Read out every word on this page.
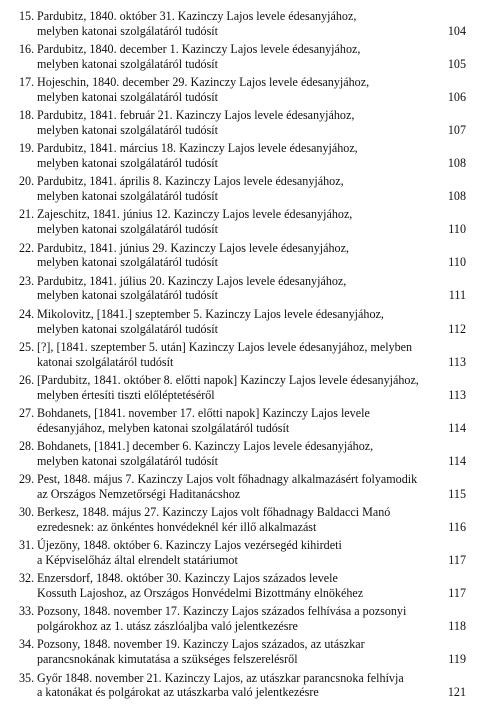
15. Pardubitz, 1840. október 31. Kazinczy Lajos levele édesanyjához,
melyben katonai szolgálatáról tudósít	104
16. Pardubitz, 1840. december 1. Kazinczy Lajos levele édesanyjához,
melyben katonai szolgálatáról tudósít	105
17. Hojeschin, 1840. december 29. Kazinczy Lajos levele édesanyjához,
melyben katonai szolgálatáról tudósít	106
18. Pardubitz, 1841. február 21. Kazinczy Lajos levele édesanyjához,
melyben katonai szolgálatáról tudósít	107
19. Pardubitz, 1841. március 18. Kazinczy Lajos levele édesanyjához,
melyben katonai szolgálatáról tudósít	108
20. Pardubitz, 1841. április 8. Kazinczy Lajos levele édesanyjához,
melyben katonai szolgálatáról tudósít	108
21. Zajeschitz, 1841. június 12. Kazinczy Lajos levele édesanyjához,
melyben katonai szolgálatáról tudósít	110
22. Pardubitz, 1841. június 29. Kazinczy Lajos levele édesanyjához,
melyben katonai szolgálatáról tudósít	110
23. Pardubitz, 1841. július 20. Kazinczy Lajos levele édesanyjához,
melyben katonai szolgálatáról tudósít	111
24. Mikolovitz, [1841.] szeptember 5. Kazinczy Lajos levele édesanyjához,
melyben katonai szolgálatáról tudósít	112
25. [?], [1841. szeptember 5. után] Kazinczy Lajos levele édesanyjához, melyben
katonai szolgálatáról tudósít	113
26. [Pardubitz, 1841. október 8. előtti napok] Kazinczy Lajos levele édesanyjához,
melyben értesíti tiszti előléptetéséről	113
27. Bohdanets, [1841. november 17. előtti napok] Kazinczy Lajos levele
édesanyjához, melyben katonai szolgálatáról tudósít	114
28. Bohdanets, [1841.] december 6. Kazinczy Lajos levele édesanyjához,
melyben katonai szolgálatáról tudósít	114
29. Pest, 1848. május 7. Kazinczy Lajos volt főhadnagy alkalmazásért folyamodik
az Országos Nemzetőrségi Haditanácshoz	115
30. Berkesz, 1848. május 27. Kazinczy Lajos volt főhadnagy Baldacci Manó
ezredesnek: az önkéntes honvédeknél kér illő alkalmazást	116
31. Újezöny, 1848. október 6. Kazinczy Lajos vezérsegéd kihirdeti
a Képviselőház által elrendelt statáriumot	117
32. Enzersdorf, 1848. október 30. Kazinczy Lajos százados levele
Kossuth Lajoshoz, az Országos Honvédelmi Bizottmány elnökéhez	117
33. Pozsony, 1848. november 17. Kazinczy Lajos százados felhívása a pozsonyi
polgárokhoz az 1. utász zászlóaljba való jelentkezésre	118
34. Pozsony, 1848. november 19. Kazinczy Lajos százados, az utászkar
parancsnokának kimutatása a szükséges felszerelésről	119
35. Győr 1848. november 21. Kazinczy Lajos, az utászkar parancsnoka felhívja
a katonákat és polgárokat az utászkarba való jelentkezésre	121
